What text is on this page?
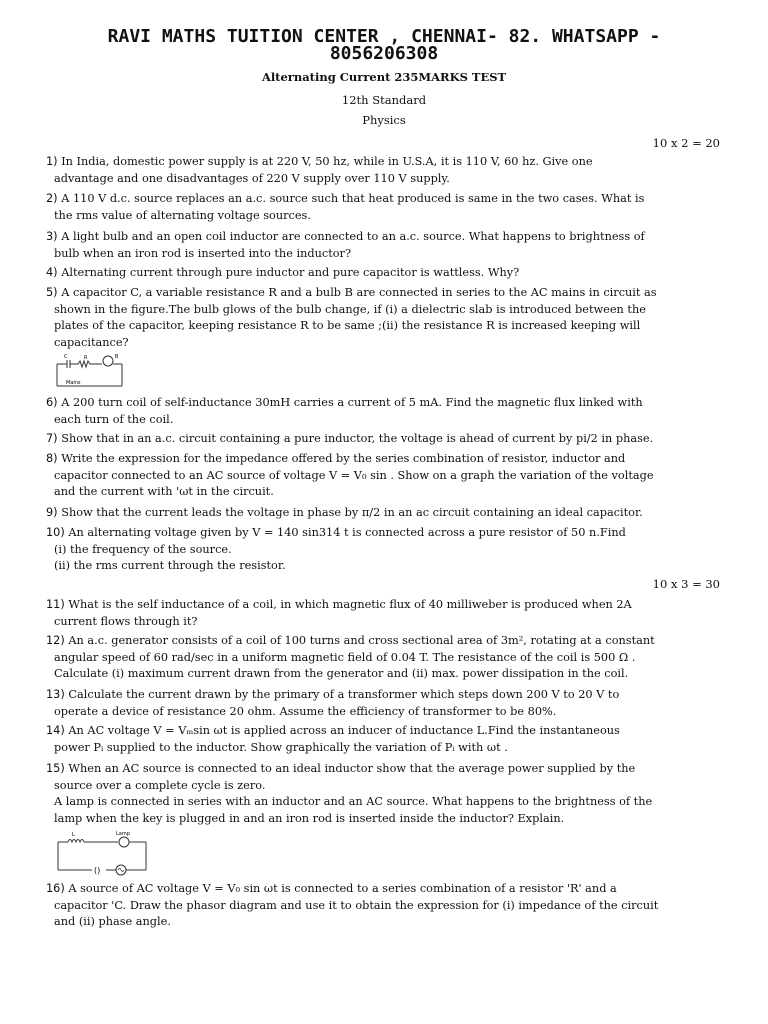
RAVI MATHS TUITION CENTER , CHENNAI- 82. WHATSAPP -
8056206308
Alternating Current 235MARKS TEST
12th Standard
Physics
10 x 2 = 20
1) In India, domestic power supply is at 220 V, 50 hz, while in U.S.A, it is 110 V, 60 hz. Give one
advantage and one disadvantages of 220 V supply over 110 V supply.
2) A 110 V d.c. source replaces an a.c. source such that heat produced is same in the two cases. What is
the rms value of alternating voltage sources.
3) A light bulb and an open coil inductor are connected to an a.c. source. What happens to brightness of
bulb when an iron rod is inserted into the inductor?
4) Alternating current through pure inductor and pure capacitor is wattless. Why?
5) A capacitor C, a variable resistance R and a bulb B are connected in series to the AC mains in circuit as
shown in the figure.The bulb glows of the bulb change, if (i) a dielectric slab is introduced between the
plates of the capacitor, keeping resistance R to be same ;(ii) the resistance R is increased keeping will
capacitance?
C	R	B
Mains
6) A 200 turn coil of self-inductance 30mH carries a current of 5 mA. Find the magnetic flux linked with
each turn of the coil.
7) Show that in an a.c. circuit containing a pure inductor, the voltage is ahead of current by pi/2 in phase.
8) Write the expression for the impedance offered by the series combination of resistor, inductor and
capacitor connected to an AC source of voltage V = V₀ sin . Show on a graph the variation of the voltage
and the current with 'ωt in the circuit.
9) Show that the current leads the voltage in phase by π/2 in an ac circuit containing an ideal capacitor.
10) An alternating voltage given by V = 140 sin314 t is connected across a pure resistor of 50 n.Find
(i) the frequency of the source.
(ii) the rms current through the resistor.
10 x 3 = 30
11) What is the self inductance of a coil, in which magnetic flux of 40 milliweber is produced when 2A
current flows through it?
12) An a.c. generator consists of a coil of 100 turns and cross sectional area of 3m², rotating at a constant
angular speed of 60 rad/sec in a uniform magnetic field of 0.04 T. The resistance of the coil is 500 Ω .
Calculate (i) maximum current drawn from the generator and (ii) max. power dissipation in the coil.
13) Calculate the current drawn by the primary of a transformer which steps down 200 V to 20 V to
operate a device of resistance 20 ohm. Assume the efficiency of transformer to be 80%.
14) An AC voltage V = Vₘsin ωt is applied across an inducer of inductance L.Find the instantaneous
power Pᵢ supplied to the inductor. Show graphically the variation of Pᵢ with ωt .
15) When an AC source is connected to an ideal inductor show that the average power supplied by the
source over a complete cycle is zero.
A lamp is connected in series with an inductor and an AC source. What happens to the brightness of the
lamp when the key is plugged in and an iron rod is inserted inside the inductor? Explain.
()
L	Lamp
16) A source of AC voltage V = V₀ sin ωt is connected to a series combination of a resistor 'R' and a
capacitor 'C. Draw the phasor diagram and use it to obtain the expression for (i) impedance of the circuit
and (ii) phase angle.
